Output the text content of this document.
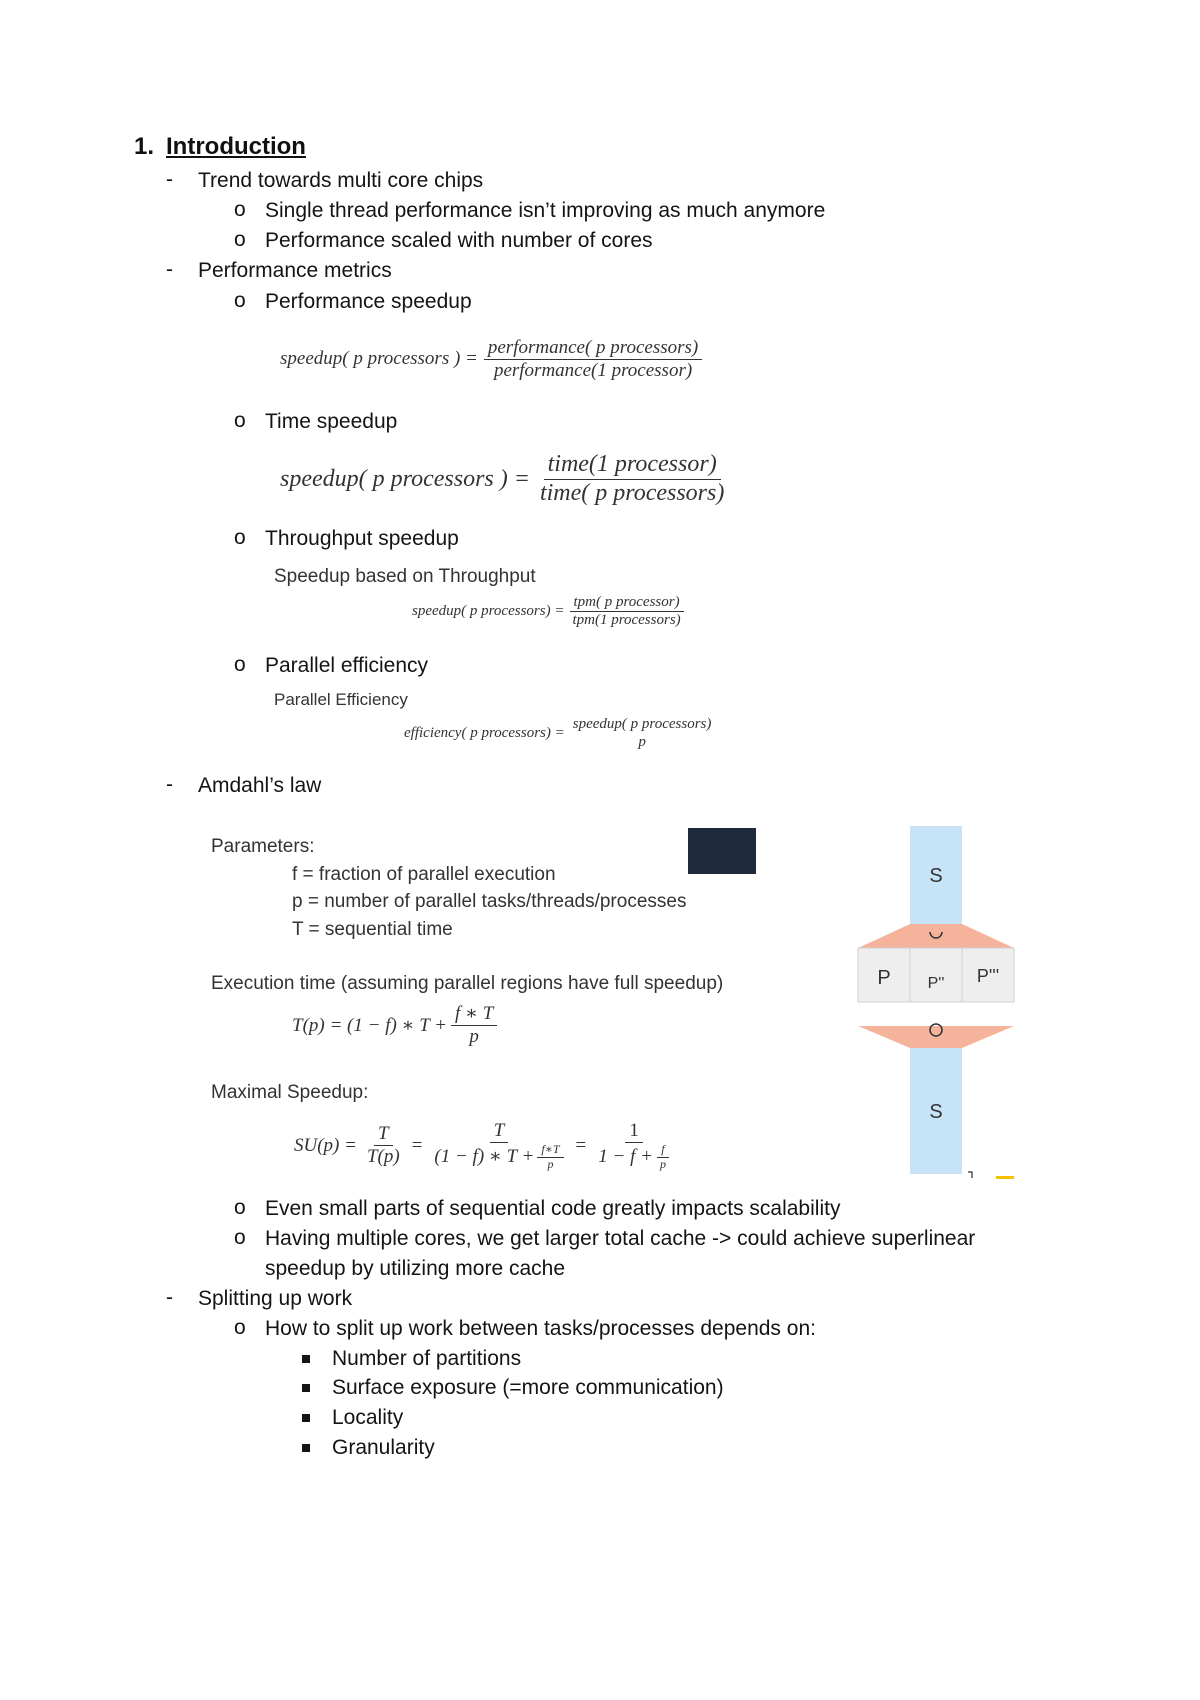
1. Introduction
- Trend towards multi core chips
o Single thread performance isn’t improving as much anymore
o Performance scaled with number of cores
- Performance metrics
o Performance speedup
speedup( p processors ) = $\frac{\text{performance( p processors)}}{\text{performance(1 processor)}}$
o Time speedup
speedup( p processors ) = $\frac{\text{time(1 processor)}}{\text{time( p processors)}}$
o Throughput speedup
Speedup based on Throughput
speedup( p processors) = $\frac{\text{tpm( p processor)}}{\text{tpm(1 processors)}}$
o Parallel efficiency
Parallel Efficiency
efficiency( p processors) =
speedup( p processors)
p
- Amdahl’s law
Parameters:
f = fraction of parallel execution
p = number of parallel tasks/threads/processes
T = sequential time
Execution time (assuming parallel regions have full speedup)
T(p) = (1 − f) ∗ $T + \frac{f ∗ T}{p}$
Maximal Speedup:
$SU(p) = \frac{T}{T(p)} = \frac{T}{(1 - f) ∗ T + \frac{f∗T}{p}} = \frac{1}{1 - f + \frac{f}{p}}$
S
P P'' P'''
S
o Even small parts of sequential code greatly impacts scalability
o Having multiple cores, we get larger total cache -> could achieve superlinear
speedup by utilizing more cache
- Splitting up work
o How to split up work between tasks/processes depends on:
Number of partitions
Surface exposure (=more communication)
Locality
Granularity
